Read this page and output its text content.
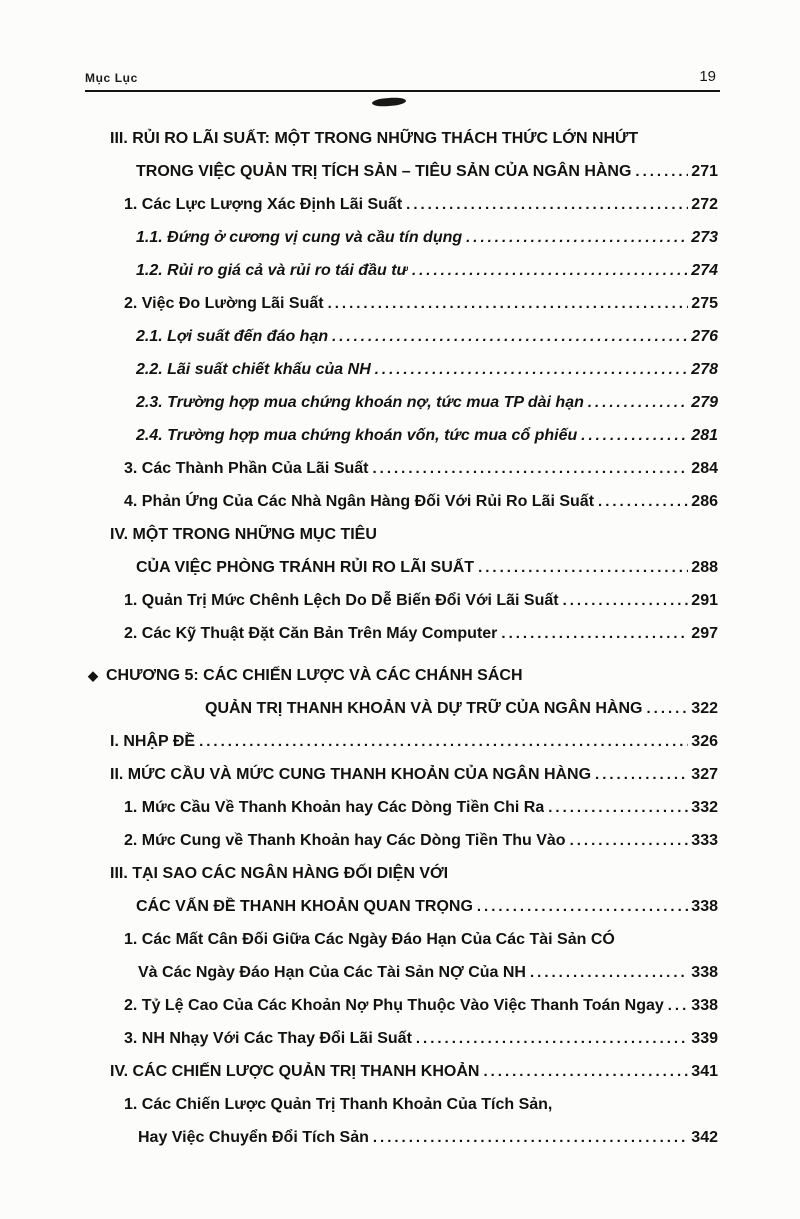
Mục Lục	19
III. RỦI RO LÃI SUẤT: MỘT TRONG NHỮNG THÁCH THỨC LỚN NHỨT
TRONG VIỆC QUẢN TRỊ TÍCH SẢN – TIÊU SẢN CỦA NGÂN HÀNG .....	271
1. Các Lực Lượng Xác Định Lãi Suất .....	272
1.1. Đứng ở cương vị cung và cầu tín dụng .....	273
1.2. Rủi ro giá cả và rủi ro tái đầu tư .....	274
2. Việc Đo Lường Lãi Suất .....	275
2.1. Lợi suất đến đáo hạn .....	276
2.2. Lãi suất chiết khấu của NH .....	278
2.3. Trường hợp mua chứng khoán nợ, tức mua TP dài hạn .....	279
2.4. Trường hợp mua chứng khoán vốn, tức mua cổ phiếu .....	281
3. Các Thành Phần Của Lãi Suất .....	284
4. Phản Ứng Của Các Nhà Ngân Hàng Đối Với Rủi Ro Lãi Suất .....	286
IV. MỘT TRONG NHỮNG MỤC TIÊU
CỦA VIỆC PHÒNG TRÁNH RỦI RO LÃI SUẤT .....	288
1. Quản Trị Mức Chênh Lệch Do Dễ Biến Đổi Với Lãi Suất .....	291
2. Các Kỹ Thuật Đặt Căn Bản Trên Máy Computer .....	297
◆ CHƯƠNG 5: CÁC CHIẾN LƯỢC VÀ CÁC CHÁNH SÁCH
QUẢN TRỊ THANH KHOẢN VÀ DỰ TRỮ CỦA NGÂN HÀNG .....	322
I. NHẬP ĐỀ .....	326
II. MỨC CẦU VÀ MỨC CUNG THANH KHOẢN CỦA NGÂN HÀNG .....	327
1. Mức Cầu Về Thanh Khoản hay Các Dòng Tiền Chi Ra .....	332
2. Mức Cung về Thanh Khoản hay Các Dòng Tiền Thu Vào .....	333
III. TẠI SAO CÁC NGÂN HÀNG ĐỐI DIỆN VỚI
CÁC VẤN ĐỀ THANH KHOẢN QUAN TRỌNG .....	338
1. Các Mất Cân Đối Giữa Các Ngày Đáo Hạn Của Các Tài Sản CÓ
Và Các Ngày Đáo Hạn Của Các Tài Sản NỢ Của NH .....	338
2. Tỷ Lệ Cao Của Các Khoản Nợ Phụ Thuộc Vào Việc Thanh Toán Ngay ..... 338
3. NH Nhạy Với Các Thay Đổi Lãi Suất .....	339
IV. CÁC CHIẾN LƯỢC QUẢN TRỊ THANH KHOẢN .....	341
1. Các Chiến Lược Quản Trị Thanh Khoản Của Tích Sản,
Hay Việc Chuyển Đổi Tích Sản .....	342
